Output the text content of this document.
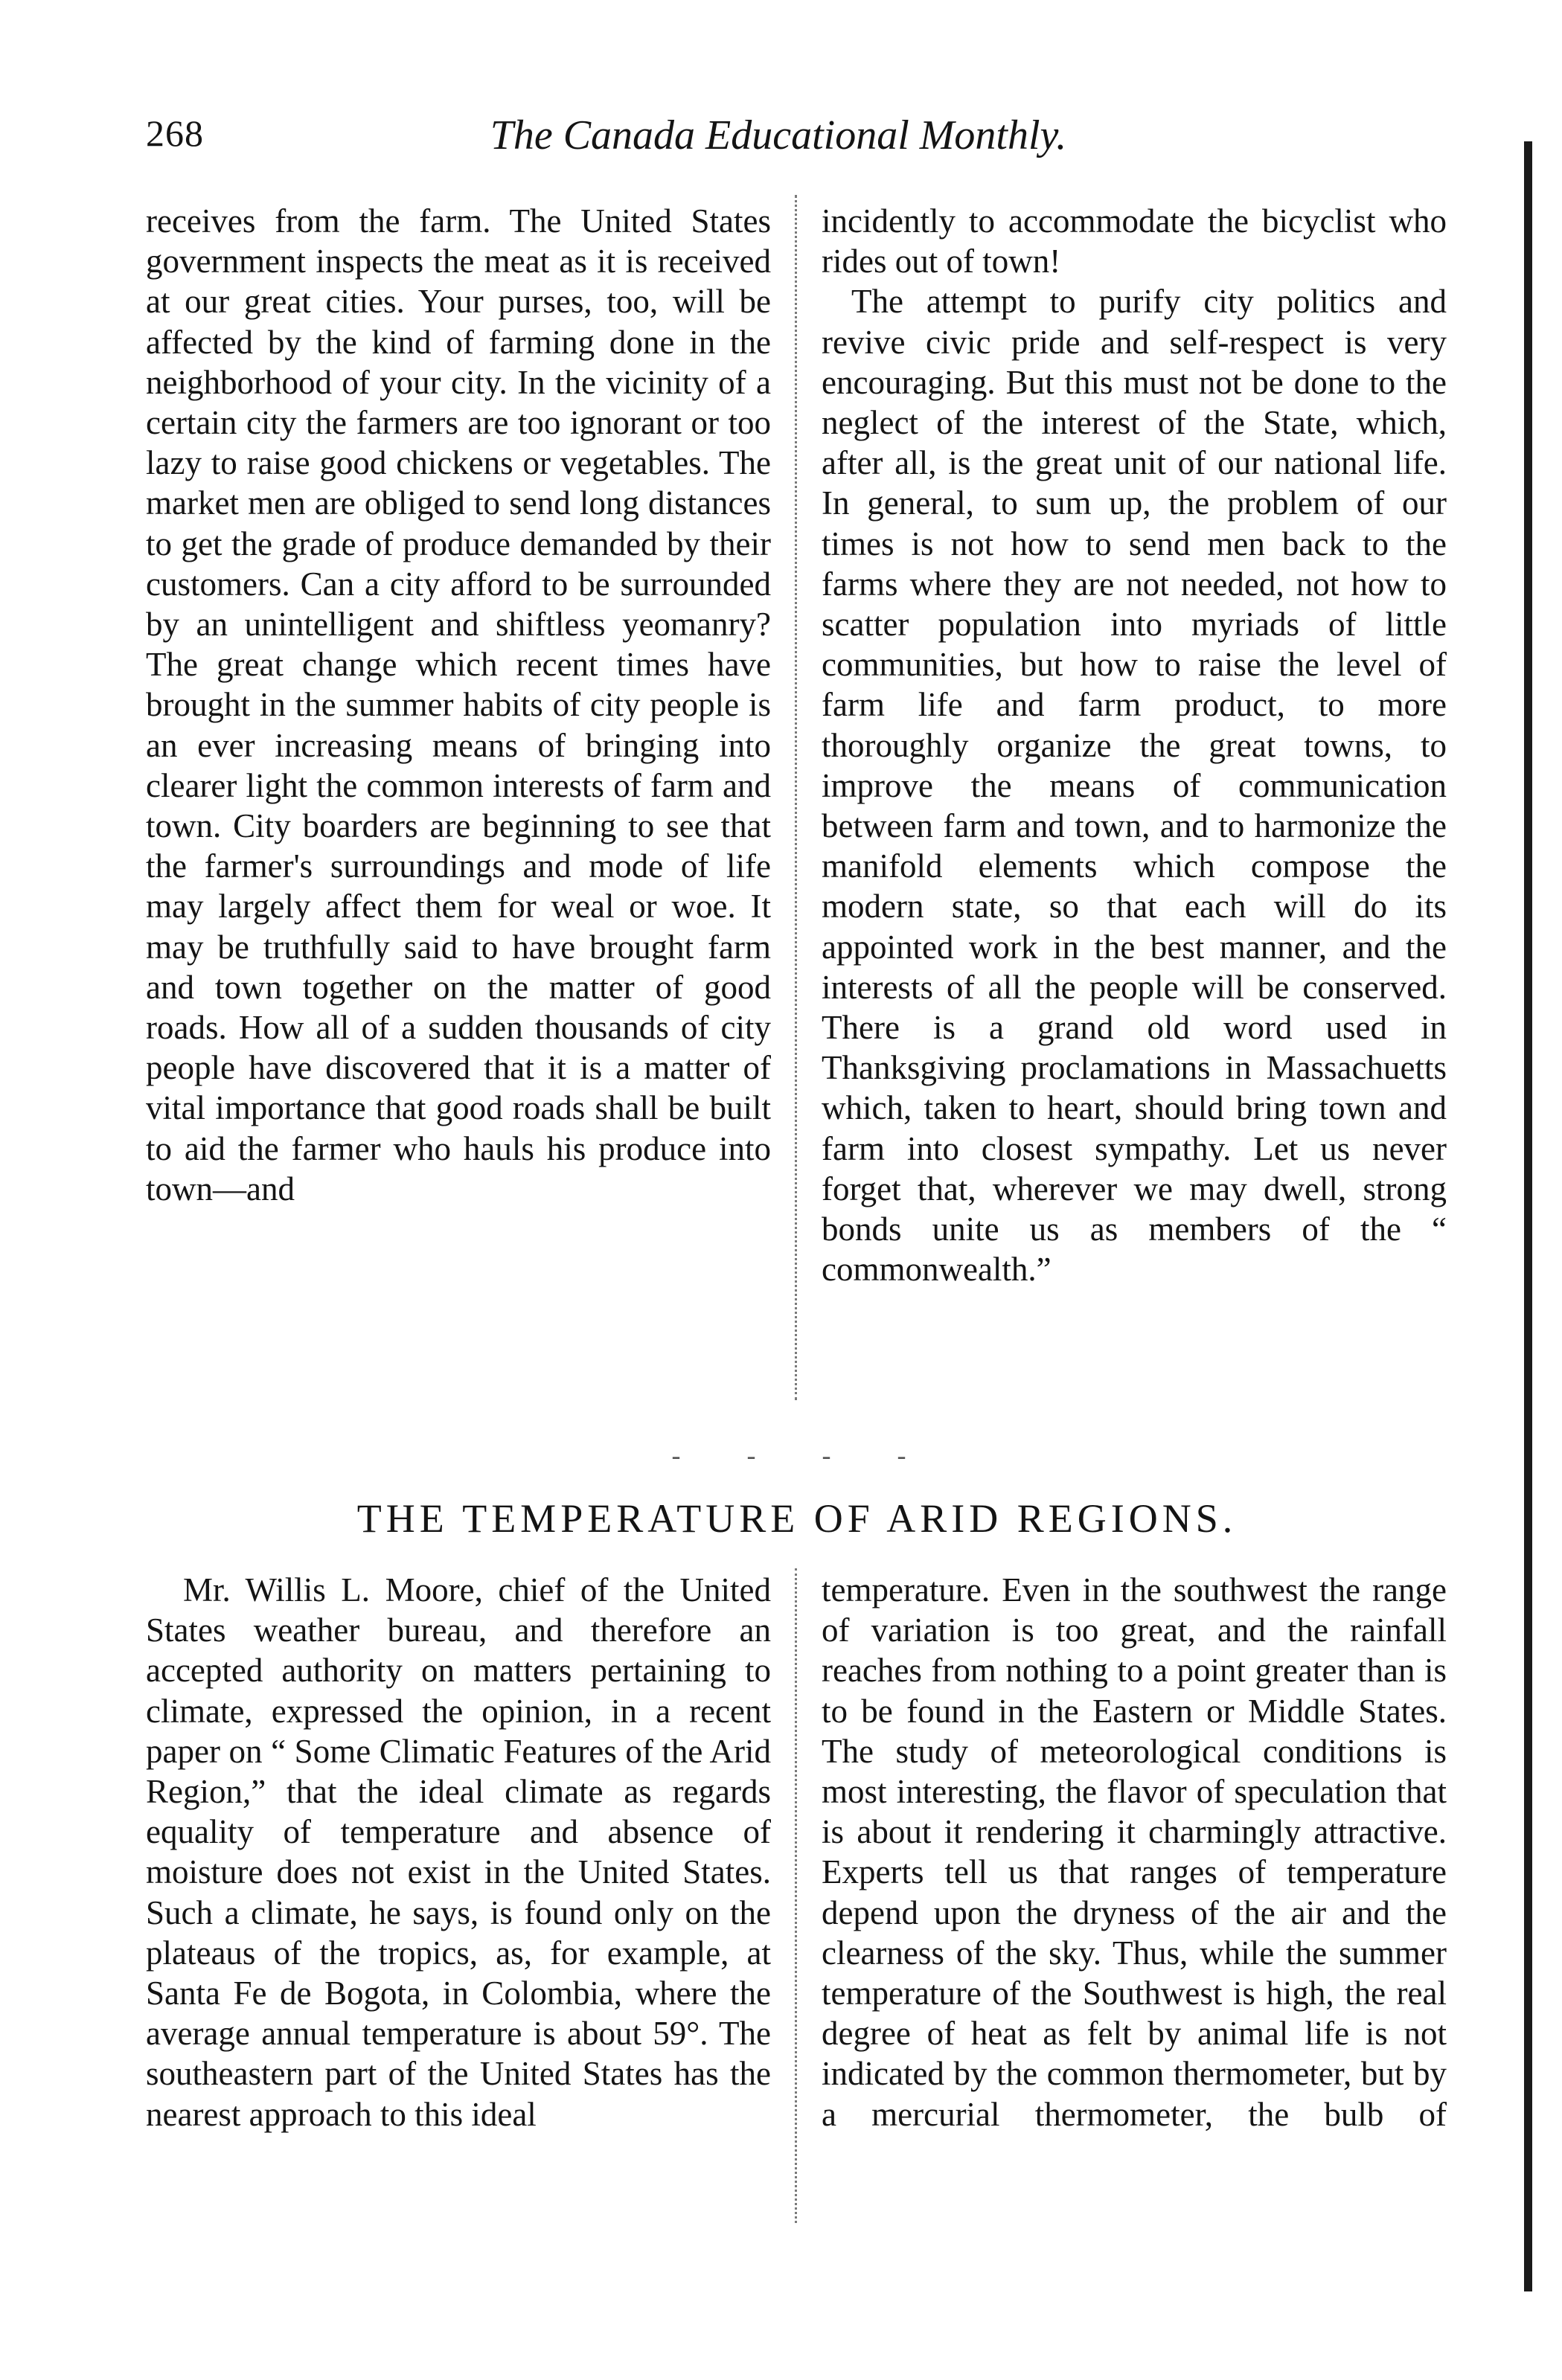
268	The Canada Educational Monthly.

receives from the farm. The United States government inspects the meat as it is received at our great cities. Your purses, too, will be affected by the kind of farming done in the neighborhood of your city. In the vicinity of a certain city the farmers are too ignorant or too lazy to raise good chickens or vegetables. The market men are obliged to send long distances to get the grade of produce demanded by their customers. Can a city afford to be surrounded by an unintelligent and shiftless yeomanry? The great change which recent times have brought in the summer habits of city people is an ever increasing means of bringing into clearer light the common interests of farm and town. City boarders are beginning to see that the farmer's surroundings and mode of life may largely affect them for weal or woe. It may be truthfully said to have brought farm and town together on the matter of good roads. How all of a sudden thousands of city people have discovered that it is a matter of vital importance that good roads shall be built to aid the farmer who hauls his produce into town—and

incidently to accommodate the bicyclist who rides out of town!

The attempt to purify city politics and revive civic pride and self-respect is very encouraging. But this must not be done to the neglect of the interest of the State, which, after all, is the great unit of our national life. In general, to sum up, the problem of our times is not how to send men back to the farms where they are not needed, not how to scatter population into myriads of little communities, but how to raise the level of farm life and farm product, to more thoroughly organize the great towns, to improve the means of communication between farm and town, and to harmonize the manifold elements which compose the modern state, so that each will do its appointed work in the best manner, and the interests of all the people will be conserved. There is a grand old word used in Thanksgiving proclamations in Massachuetts which, taken to heart, should bring town and farm into closest sympathy. Let us never forget that, wherever we may dwell, strong bonds unite us as members of the “ commonwealth.”

- - - -
THE TEMPERATURE OF ARID REGIONS.

Mr. Willis L. Moore, chief of the United States weather bureau, and therefore an accepted authority on matters pertaining to climate, expressed the opinion, in a recent paper on “ Some Climatic Features of the Arid Region,” that the ideal climate as regards equality of temperature and absence of moisture does not exist in the United States. Such a climate, he says, is found only on the plateaus of the tropics, as, for example, at Santa Fe de Bogota, in Colombia, where the average annual temperature is about 59°. The southeastern part of the United States has the nearest approach to this ideal

temperature. Even in the southwest the range of variation is too great, and the rainfall reaches from nothing to a point greater than is to be found in the Eastern or Middle States. The study of meteorological conditions is most interesting, the flavor of speculation that is about it rendering it charmingly attractive. Experts tell us that ranges of temperature depend upon the dryness of the air and the clearness of the sky. Thus, while the summer temperature of the Southwest is high, the real degree of heat as felt by animal life is not indicated by the common thermometer, but by a mercurial thermometer, the bulb of
